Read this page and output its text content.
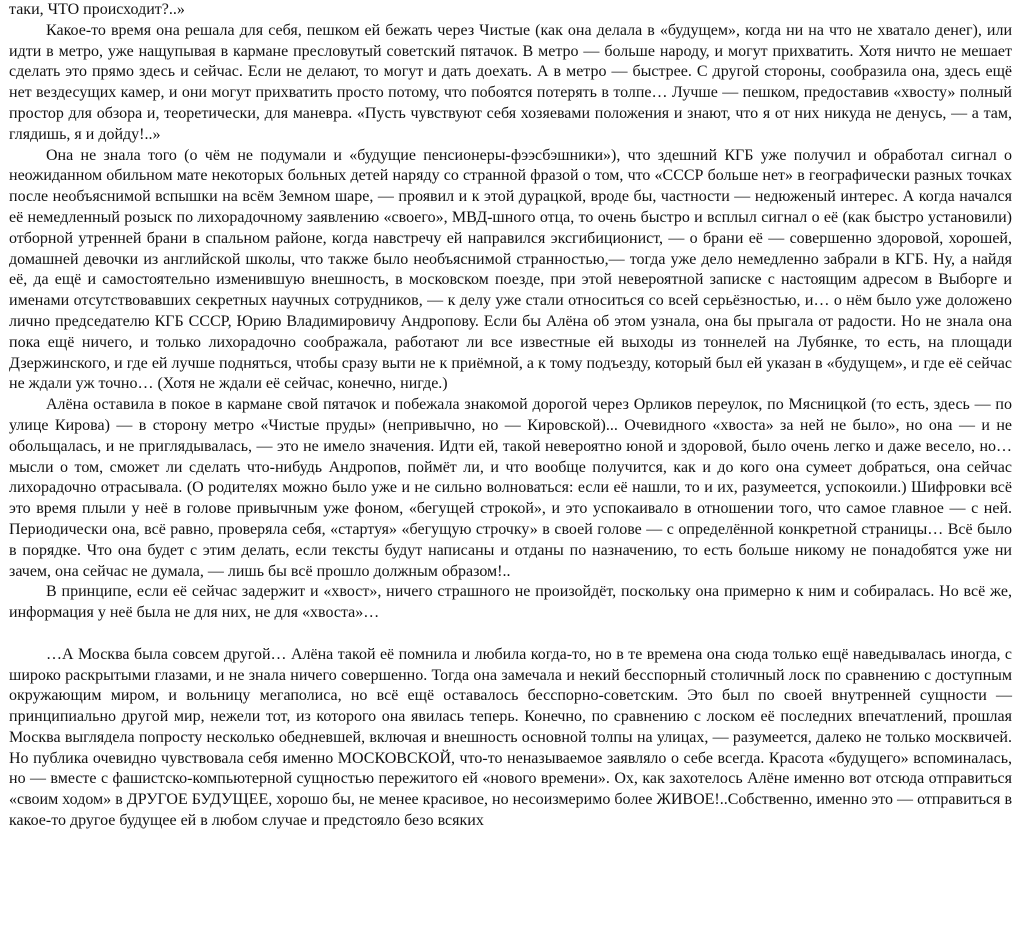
таки, ЧТО происходит?..»

Какое-то время она решала для себя, пешком ей бежать через Чистые (как она делала в «будущем», когда ни на что не хватало денег), или идти в метро, уже нащупывая в кармане пресловутый советский пятачок. В метро — больше народу, и могут прихватить. Хотя ничто не мешает сделать это прямо здесь и сейчас. Если не делают, то могут и дать доехать. А в метро — быстрее. С другой стороны, сообразила она, здесь ещё нет вездесущих камер, и они могут прихватить просто потому, что побоятся потерять в толпе… Лучше — пешком, предоставив «хвосту» полный простор для обзора и, теоретически, для маневра. «Пусть чувствуют себя хозяевами положения и знают, что я от них никуда не денусь, — а там, глядишь, я и дойду!..»

Она не знала того (о чём не подумали и «будущие пенсионеры-фээсбэшники»), что здешний КГБ уже получил и обработал сигнал о неожиданном обильном мате некоторых больных детей наряду со странной фразой о том, что «СССР больше нет» в географически разных точках после необъяснимой вспышки на всём Земном шаре, — проявил и к этой дурацкой, вроде бы, частности — недюженый интерес. А когда начался её немедленный розыск по лихорадочному заявлению «своего», МВД-шного отца, то очень быстро и всплыл сигнал о её (как быстро установили) отборной утренней брани в спальном районе, когда навстречу ей направился эксгибиционист, — о брани её — совершенно здоровой, хорошей, домашней девочки из английской школы, что также было необъяснимой странностью,— тогда уже дело немедленно забрали в КГБ. Ну, а найдя её, да ещё и самостоятельно изменившую внешность, в московском поезде, при этой невероятной записке с настоящим адресом в Выборге и именами отсутствовавших секретных научных сотрудников, — к делу уже стали относиться со всей серьёзностью, и… о нём было уже доложено лично председателю КГБ СССР, Юрию Владимировичу Андропову. Если бы Алёна об этом узнала, она бы прыгала от радости. Но не знала она пока ещё ничего, и только лихорадочно соображала, работают ли все известные ей выходы из тоннелей на Лубянке, то есть, на площади Дзержинского, и где ей лучше подняться, чтобы сразу выти не к приёмной, а к тому подъезду, который был ей указан в «будущем», и где её сейчас не ждали уж точно… (Хотя не ждали её сейчас, конечно, нигде.)

Алёна оставила в покое в кармане свой пятачок и побежала знакомой дорогой через Орликов переулок, по Мясницкой (то есть, здесь — по улице Кирова) — в сторону метро «Чистые пруды» (непривычно, но — Кировской)... Очевидного «хвоста» за ней не было», но она — и не обольщалась, и не приглядывалась, — это не имело значения. Идти ей, такой невероятно юной и здоровой, было очень легко и даже весело, но… мысли о том, сможет ли сделать что-нибудь Андропов, поймёт ли, и что вообще получится, как и до кого она сумеет добраться, она сейчас лихорадочно отрасывала. (О родителях можно было уже и не сильно волноваться: если её нашли, то и их, разумеется, успокоили.) Шифровки всё это время плыли у неё в голове привычным уже фоном, «бегущей строкой», и это успокаивало в отношении того, что самое главное — с ней. Периодически она, всё равно, проверяла себя, «стартуя» «бегущую строчку» в своей голове — с определённой конкретной страницы… Всё было в порядке. Что она будет с этим делать, если тексты будут написаны и отданы по назначению, то есть больше никому не понадобятся уже ни зачем, она сейчас не думала, — лишь бы всё прошло должным образом!..

В принципе, если её сейчас задержит и «хвост», ничего страшного не произойдёт, поскольку она примерно к ним и собиралась. Но всё же, информация у неё была не для них, не для «хвоста»…

…А Москва была совсем другой… Алёна такой её помнила и любила когда-то, но в те времена она сюда только ещё наведывалась иногда, с широко раскрытыми глазами, и не знала ничего совершенно. Тогда она замечала и некий бесспорный столичный лоск по сравнению с доступным окружающим миром, и вольницу мегаполиса, но всё ещё оставалось бесспорно-советским. Это был по своей внутренней сущности — принципиально другой мир, нежели тот, из которого она явилась теперь. Конечно, по сравнению с лоском её последних впечатлений, прошлая Москва выглядела попросту несколько обедневшей, включая и внешность основной толпы на улицах, — разумеется, далеко не только москвичей. Но публика очевидно чувствовала себя именно МОСКОВСКОЙ, что-то неназываемое заявляло о себе всегда. Красота «будущего» вспоминалась, но — вместе с фашистско-компьютерной сущностью пережитого ей «нового времени». Ох, как захотелось Алёне именно вот отсюда отправиться «своим ходом» в ДРУГОЕ БУДУЩЕЕ, хорошо бы, не менее красивое, но несоизмеримо более ЖИВОЕ!..Собственно, именно это — отправиться в какое-то другое будущее ей в любом случае и предстояло безо всяких
